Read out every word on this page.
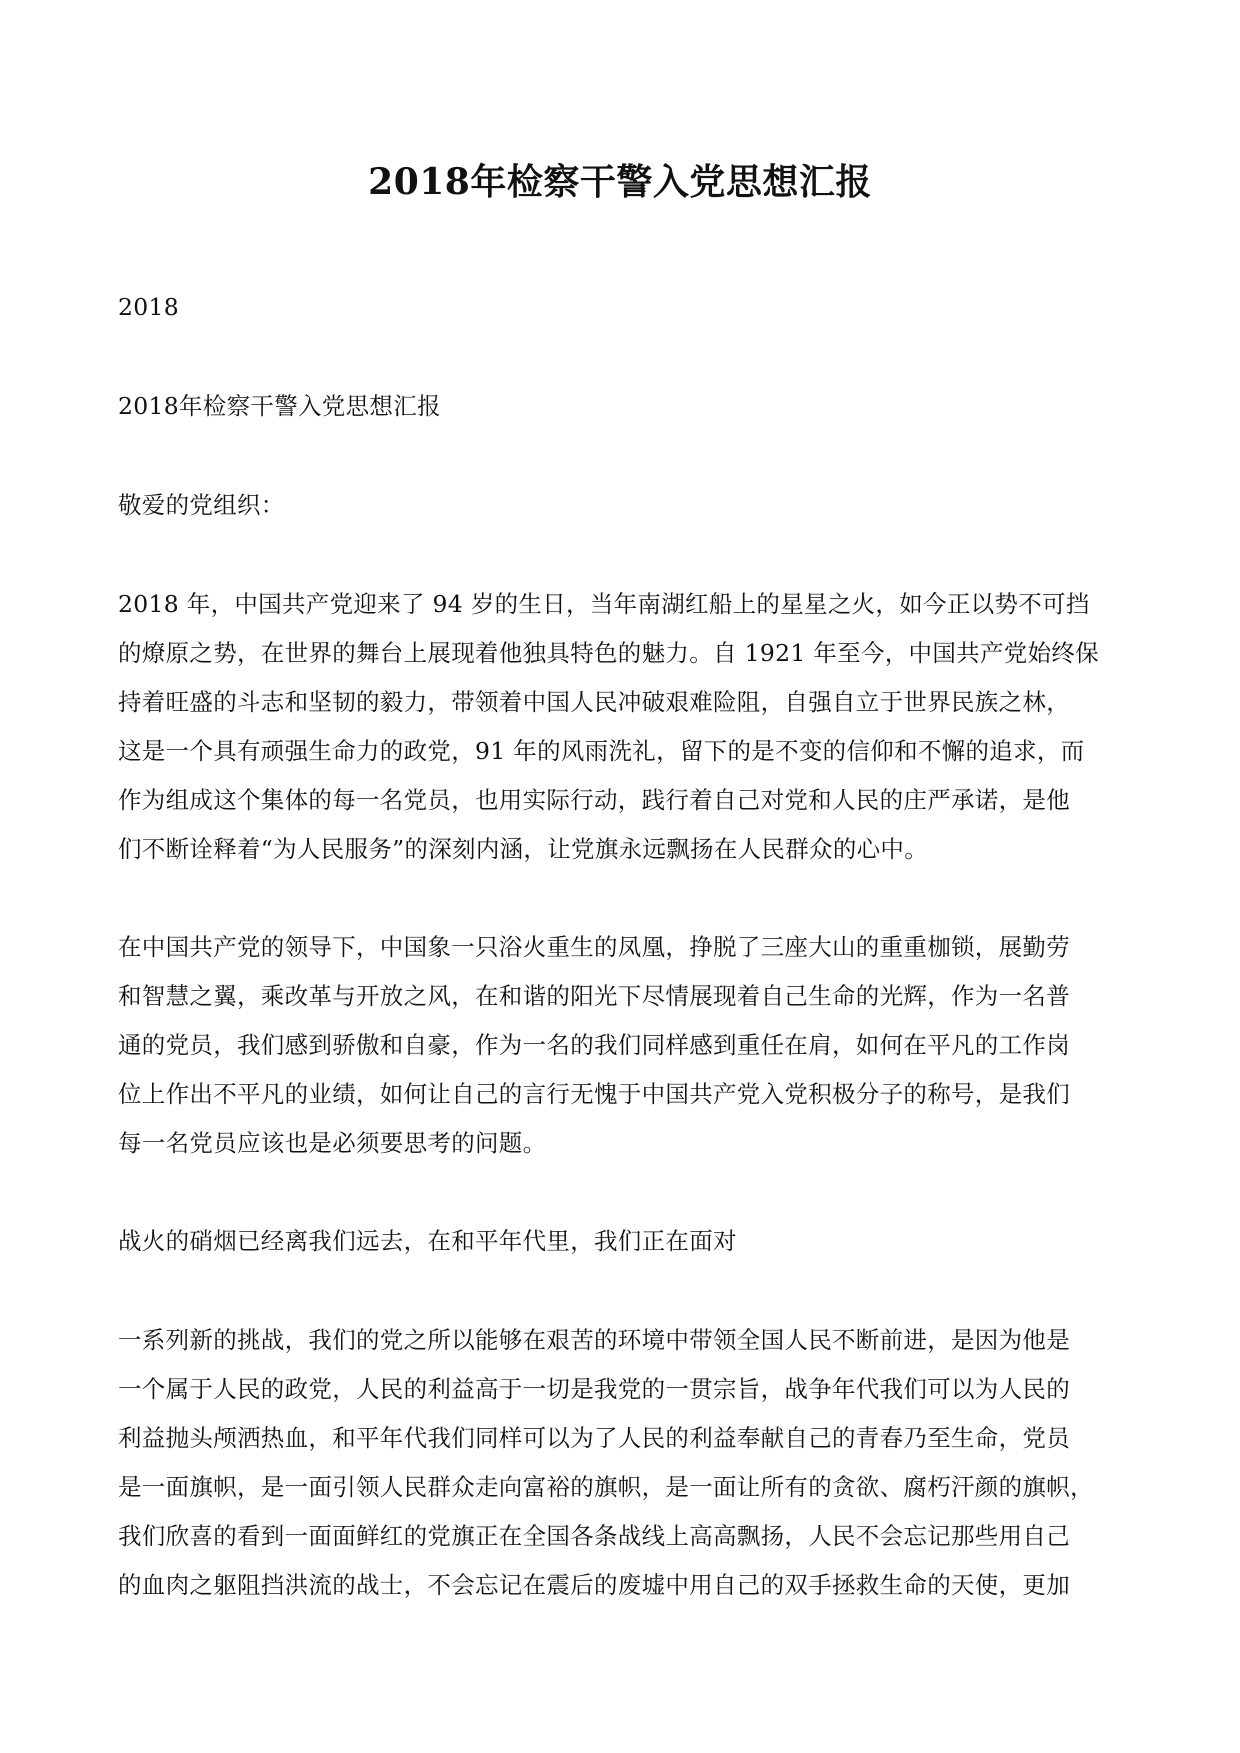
2018年检察干警入党思想汇报
2018
2018年检察干警入党思想汇报
敬爱的党组织：
2018 年，中国共产党迎来了 94 岁的生日，当年南湖红船上的星星之火，如今正以势不可挡
的燎原之势，在世界的舞台上展现着他独具特色的魅力。自 1921 年至今，中国共产党始终保
持着旺盛的斗志和坚韧的毅力，带领着中国人民冲破艰难险阻，自强自立于世界民族之林，
这是一个具有顽强生命力的政党，91 年的风雨洗礼，留下的是不变的信仰和不懈的追求，而
作为组成这个集体的每一名党员，也用实际行动，践行着自己对党和人民的庄严承诺，是他
们不断诠释着“为人民服务”的深刻内涵，让党旗永远飘扬在人民群众的心中。
在中国共产党的领导下，中国象一只浴火重生的凤凰，挣脱了三座大山的重重枷锁，展勤劳
和智慧之翼，乘改革与开放之风，在和谐的阳光下尽情展现着自己生命的光辉，作为一名普
通的党员，我们感到骄傲和自豪，作为一名的我们同样感到重任在肩，如何在平凡的工作岗
位上作出不平凡的业绩，如何让自己的言行无愧于中国共产党入党积极分子的称号，是我们
每一名党员应该也是必须要思考的问题。
战火的硝烟已经离我们远去，在和平年代里，我们正在面对
一系列新的挑战，我们的党之所以能够在艰苦的环境中带领全国人民不断前进，是因为他是
一个属于人民的政党，人民的利益高于一切是我党的一贯宗旨，战争年代我们可以为人民的
利益抛头颅洒热血，和平年代我们同样可以为了人民的利益奉献自己的青春乃至生命，党员
是一面旗帜，是一面引领人民群众走向富裕的旗帜，是一面让所有的贪欲、腐朽汗颜的旗帜，
我们欣喜的看到一面面鲜红的党旗正在全国各条战线上高高飘扬，人民不会忘记那些用自己
的血肉之躯阻挡洪流的战士，不会忘记在震后的废墟中用自己的双手拯救生命的天使，更加
